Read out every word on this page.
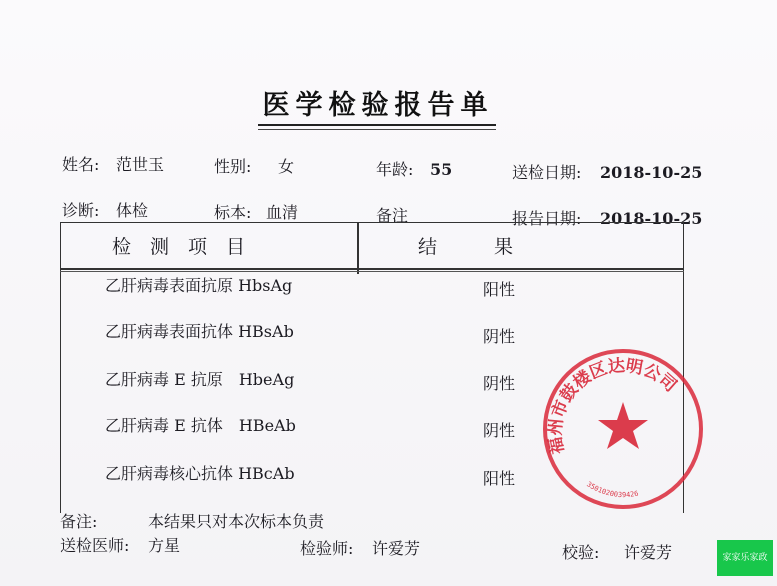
医学检验报告单
姓名: 范世玉	性别: 女	年龄: 55	送检日期: 2018-10-25
诊断: 体检	标本: 血清	备注	报告日期: 2018-10-25
检　测　项　目	结　　　果
乙肝病毒表面抗原 HbsAg	阳性
乙肝病毒表面抗体 HBsAb	阴性
乙肝病毒 E 抗原　HbeAg	阴性
乙肝病毒 E 抗体　HBeAb	阴性
乙肝病毒核心抗体 HBcAb	阳性
备注:	本结果只对本次标本负责
送检医师: 方星	检验师: 许爱芳	校验: 许爱芳
福州市鼓楼区达明公司
3501020039426
家家乐家政
